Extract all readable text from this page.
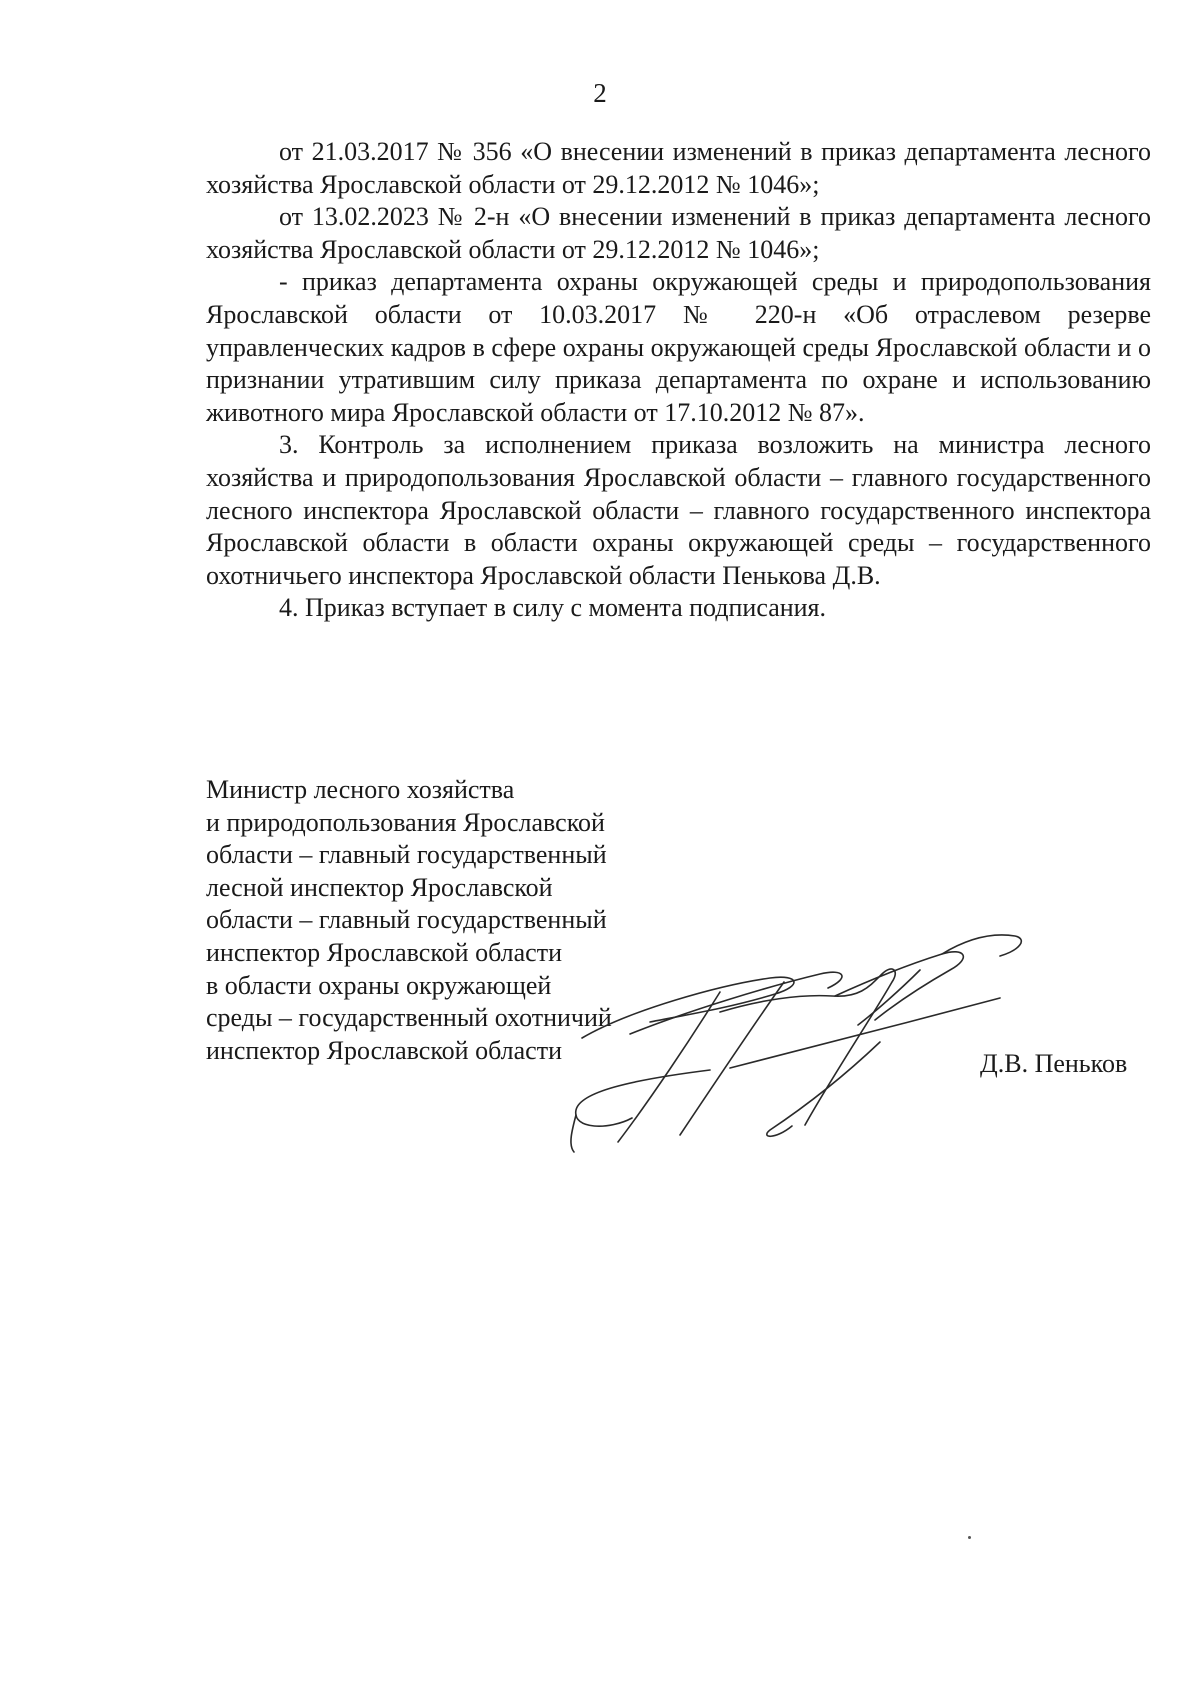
2

от 21.03.2017 № 356 «О внесении изменений в приказ департамента лесного хозяйства Ярославской области от 29.12.2012 № 1046»;

от 13.02.2023 № 2-н «О внесении изменений в приказ департамента лесного хозяйства Ярославской области от 29.12.2012 № 1046»;

- приказ департамента охраны окружающей среды и природопользования Ярославской области от 10.03.2017 № 220-н «Об отраслевом резерве управленческих кадров в сфере охраны окружающей среды Ярославской области и о признании утратившим силу приказа департамента по охране и использованию животного мира Ярославской области от 17.10.2012 № 87».

3. Контроль за исполнением приказа возложить на министра лесного хозяйства и природопользования Ярославской области – главного государственного лесного инспектора Ярославской области – главного государственного инспектора Ярославской области в области охраны окружающей среды – государственного охотничьего инспектора Ярославской области Пенькова Д.В.

4. Приказ вступает в силу с момента подписания.

Министр лесного хозяйства
и природопользования Ярославской
области – главный государственный
лесной инспектор Ярославской
области – главный государственный
инспектор Ярославской области
в области охраны окружающей
среды – государственный охотничий
инспектор Ярославской области	Д.В. Пеньков
